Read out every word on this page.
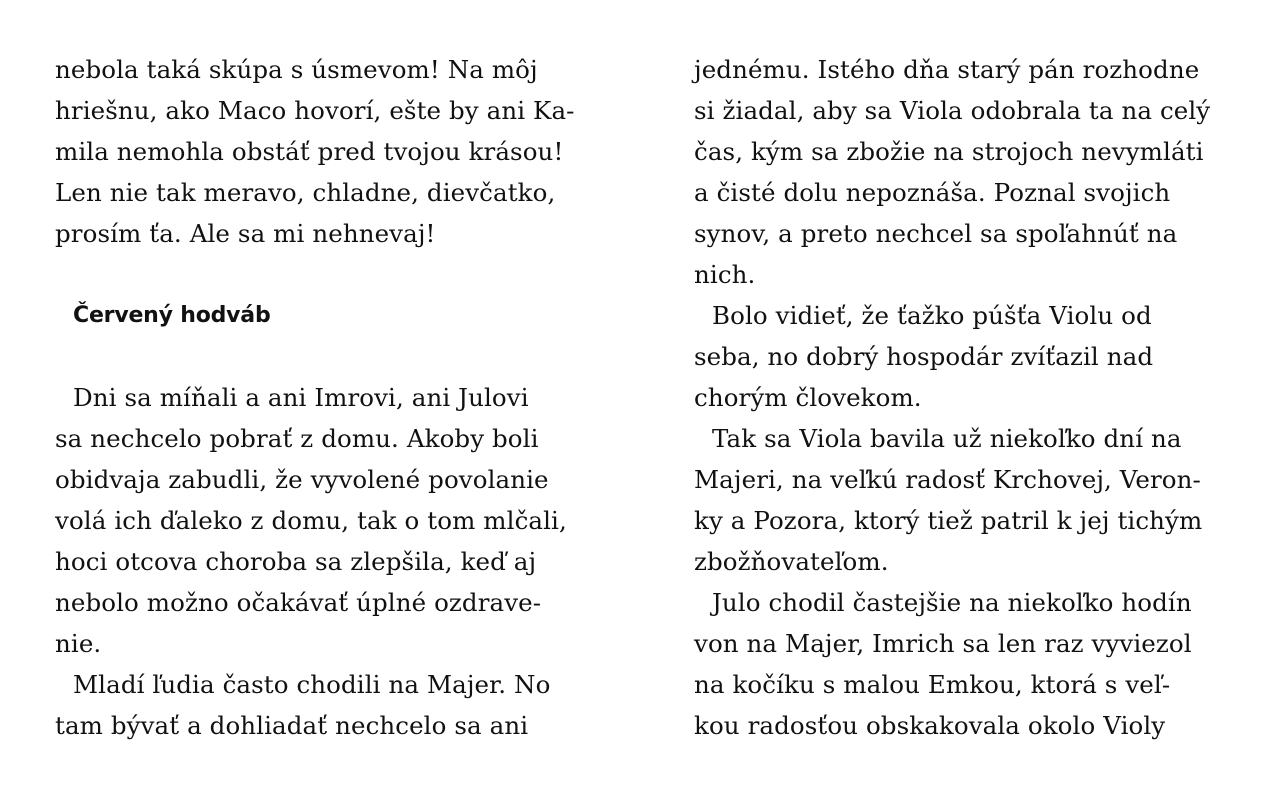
nebola taká skúpa s úsmevom! Na môj
hriešnu, ako Maco hovorí, ešte by ani Ka-
mila nemohla obstáť pred tvojou krásou!
Len nie tak meravo, chladne, dievčatko,
prosím ťa. Ale sa mi nehnevaj!
Červený hodváb
Dni sa míňali a ani Imrovi, ani Julovi
sa nechcelo pobrať z domu. Akoby boli
obidvaja zabudli, že vyvolené povolanie
volá ich ďaleko z domu, tak o tom mlčali,
hoci otcova choroba sa zlepšila, keď aj
nebolo možno očakávať úplné ozdrave-
nie.
Mladí ľudia často chodili na Majer. No
tam bývať a dohliadať nechcelo sa ani
jednému. Istého dňa starý pán rozhodne
si žiadal, aby sa Viola odobrala ta na celý
čas, kým sa zbožie na strojoch nevymláti
a čisté dolu nepoznáša. Poznal svojich
synov, a preto nechcel sa spoľahnúť na
nich.
Bolo vidieť, že ťažko púšťa Violu od
seba, no dobrý hospodár zvíťazil nad
chorým človekom.
Tak sa Viola bavila už niekoľko dní na
Majeri, na veľkú radosť Krchovej, Veron-
ky a Pozora, ktorý tiež patril k jej tichým
zbožňovateľom.
Julo chodil častejšie na niekoľko hodín
von na Majer, Imrich sa len raz vyviezol
na kočíku s malou Emkou, ktorá s veľ-
kou radosťou obskakovala okolo Violy
